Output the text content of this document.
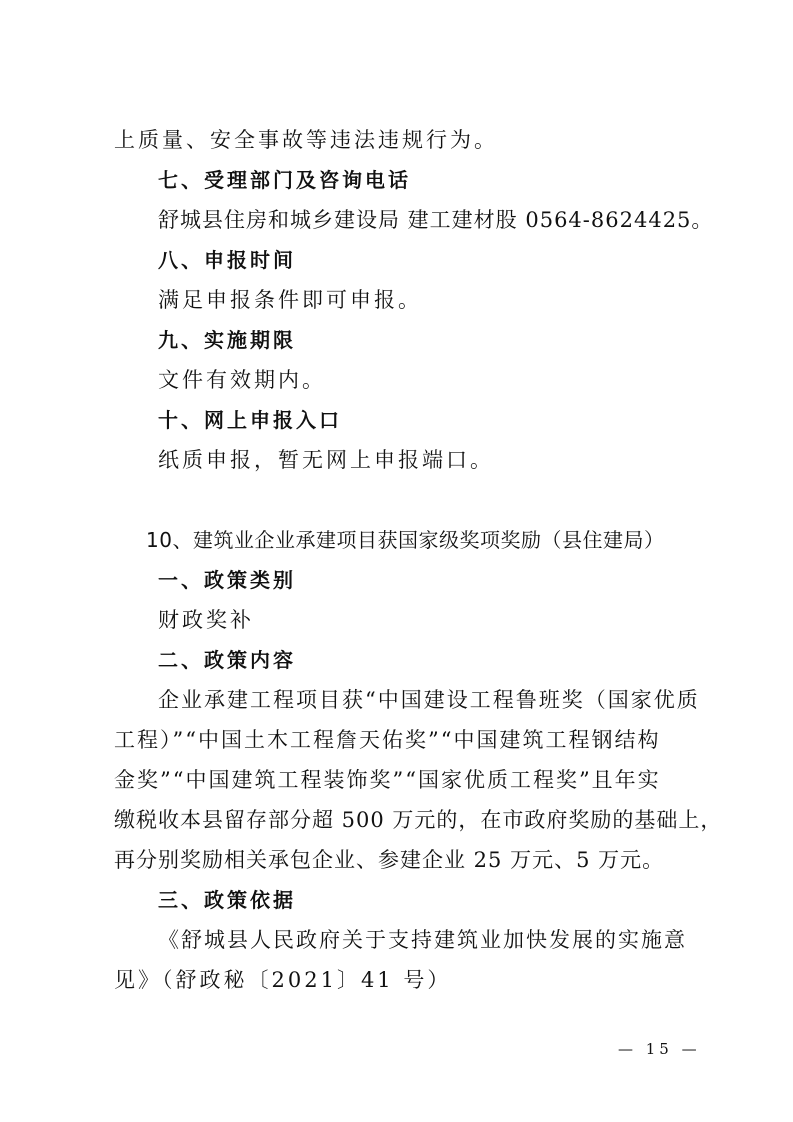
上质量、安全事故等违法违规行为。
七、受理部门及咨询电话
舒城县住房和城乡建设局 建工建材股 0564-8624425。
八、申报时间
满足申报条件即可申报。
九、实施期限
文件有效期内。
十、网上申报入口
纸质申报，暂无网上申报端口。
10、建筑业企业承建项目获国家级奖项奖励（县住建局）
一、政策类别
财政奖补
二、政策内容
企业承建工程项目获“中国建设工程鲁班奖（国家优质
工程）”“中国土木工程詹天佑奖”“中国建筑工程钢结构
金奖”“中国建筑工程装饰奖”“国家优质工程奖”且年实
缴税收本县留存部分超 500 万元的，在市政府奖励的基础上，
再分别奖励相关承包企业、参建企业 25 万元、5 万元。
三、政策依据
《舒城县人民政府关于支持建筑业加快发展的实施意
见》（舒政秘〔2021〕41 号）
— 15 —
